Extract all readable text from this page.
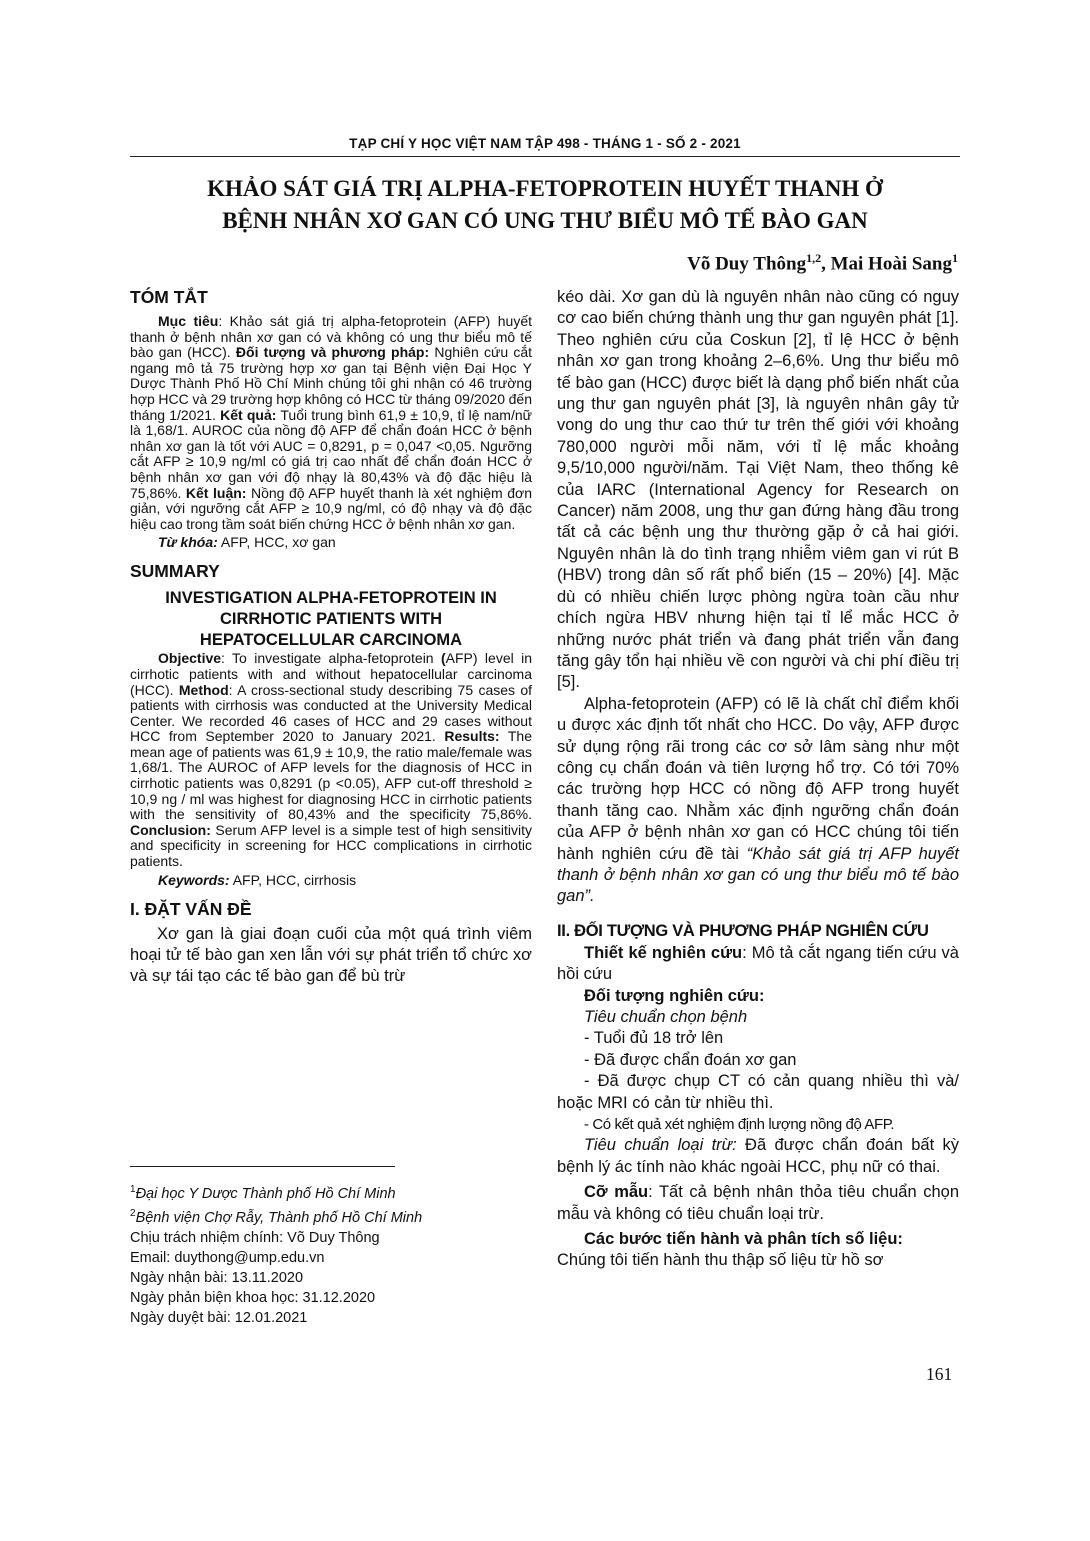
TẠP CHÍ Y HỌC VIỆT NAM TẬP 498 - THÁNG 1 - SỐ 2 - 2021
KHẢO SÁT GIÁ TRỊ ALPHA-FETOPROTEIN HUYẾT THANH Ở
BỆNH NHÂN XƠ GAN CÓ UNG THƯ BIỂU MÔ TẾ BÀO GAN
Võ Duy Thông$^{1,2}$, Mai Hoài Sang$^1$
TÓM TẮT

Mục tiêu: Khảo sát giá trị alpha-fetoprotein (AFP) huyết thanh ở bệnh nhân xơ gan có và không có ung thư biểu mô tế bào gan (HCC). Đối tượng và phương pháp: Nghiên cứu cắt ngang mô tả 75 trường hợp xơ gan tại Bệnh viện Đại Học Y Dược Thành Phố Hồ Chí Minh chúng tôi ghi nhận có 46 trường hợp HCC và 29 trường hợp không có HCC từ tháng 09/2020 đến tháng 1/2021. Kết quả: Tuổi trung bình 61,9 ± 10,9, tỉ lệ nam/nữ là 1,68/1. AUROC của nồng độ AFP để chẩn đoán HCC ở bệnh nhân xơ gan là tốt với AUC = 0,8291, p = 0,047 <0,05. Ngưỡng cắt AFP ≥ 10,9 ng/ml có giá trị cao nhất để chẩn đoán HCC ở bệnh nhân xơ gan với độ nhạy là 80,43% và độ đặc hiệu là 75,86%. Kết luận: Nồng độ AFP huyết thanh là xét nghiệm đơn giản, với ngưỡng cắt AFP ≥ 10,9 ng/ml, có độ nhạy và độ đặc hiệu cao trong tầm soát biến chứng HCC ở bệnh nhân xơ gan.

Từ khóa: AFP, HCC, xơ gan

SUMMARY
INVESTIGATION ALPHA-FETOPROTEIN IN
CIRRHOTIC PATIENTS WITH
HEPATOCELLULAR CARCINOMA

Objective: To investigate alpha-fetoprotein (AFP) level in cirrhotic patients with and without hepatocellular carcinoma (HCC). Method: A cross-sectional study describing 75 cases of patients with cirrhosis was conducted at the University Medical Center. We recorded 46 cases of HCC and 29 cases without HCC from September 2020 to January 2021. Results: The mean age of patients was 61,9 ± 10,9, the ratio male/female was 1,68/1. The AUROC of AFP levels for the diagnosis of HCC in cirrhotic patients was 0,8291 (p <0.05), AFP cut-off threshold ≥ 10,9 ng / ml was highest for diagnosing HCC in cirrhotic patients with the sensitivity of 80,43% and the specificity 75,86%. Conclusion: Serum AFP level is a simple test of high sensitivity and specificity in screening for HCC complications in cirrhotic patients.

Keywords: AFP, HCC, cirrhosis

I. ĐẶT VẤN ĐỀ

Xơ gan là giai đoạn cuối của một quá trình viêm hoại tử tế bào gan xen lẫn với sự phát triển tổ chức xơ và sự tái tạo các tế bào gan để bù trừ

$^1$Đại học Y Dược Thành phố Hồ Chí Minh
$^2$Bệnh viện Chợ Rẫy, Thành phố Hồ Chí Minh
Chịu trách nhiệm chính: Võ Duy Thông
Email: duythong@ump.edu.vn
Ngày nhận bài: 13.11.2020
Ngày phản biện khoa học: 31.12.2020
Ngày duyệt bài: 12.01.2021

kéo dài. Xơ gan dù là nguyên nhân nào cũng có nguy cơ cao biến chứng thành ung thư gan nguyên phát [1]. Theo nghiên cứu của Coskun [2], tỉ lệ HCC ở bệnh nhân xơ gan trong khoảng 2–6,6%. Ung thư biểu mô tế bào gan (HCC) được biết là dạng phổ biến nhất của ung thư gan nguyên phát [3], là nguyên nhân gây tử vong do ung thư cao thứ tư trên thế giới với khoảng 780,000 người mỗi năm, với tỉ lệ mắc khoảng 9,5/10,000 người/năm. Tại Việt Nam, theo thống kê của IARC (International Agency for Research on Cancer) năm 2008, ung thư gan đứng hàng đầu trong tất cả các bệnh ung thư thường gặp ở cả hai giới. Nguyên nhân là do tình trạng nhiễm viêm gan vi rút B (HBV) trong dân số rất phổ biến (15 – 20%) [4]. Mặc dù có nhiều chiến lược phòng ngừa toàn cầu như chích ngừa HBV nhưng hiện tại tỉ lể mắc HCC ở những nước phát triển và đang phát triển vẫn đang tăng gây tổn hại nhiều về con người và chi phí điều trị [5].

Alpha-fetoprotein (AFP) có lẽ là chất chỉ điểm khối u được xác định tốt nhất cho HCC. Do vậy, AFP được sử dụng rộng rãi trong các cơ sở lâm sàng như một công cụ chẩn đoán và tiên lượng hổ trợ. Có tới 70% các trường hợp HCC có nồng độ AFP trong huyết thanh tăng cao. Nhằm xác định ngưỡng chẩn đoán của AFP ở bệnh nhân xơ gan có HCC chúng tôi tiến hành nghiên cứu đề tài “Khảo sát giá trị AFP huyết thanh ở bệnh nhân xơ gan có ung thư biểu mô tế bào gan”.

II. ĐỐI TƯỢNG VÀ PHƯƠNG PHÁP NGHIÊN CỨU

Thiết kế nghiên cứu: Mô tả cắt ngang tiến cứu và hồi cứu

Đối tượng nghiên cứu:

Tiêu chuẩn chọn bệnh

- Tuổi đủ 18 trở lên

- Đã được chẩn đoán xơ gan

- Đã được chụp CT có cản quang nhiều thì và/ hoặc MRI có cản từ nhiều thì.

- Có kết quả xét nghiệm định lượng nồng độ AFP.

Tiêu chuẩn loại trừ: Đã được chẩn đoán bất kỳ bệnh lý ác tính nào khác ngoài HCC, phụ nữ có thai.

Cỡ mẫu: Tất cả bệnh nhân thỏa tiêu chuẩn chọn mẫu và không có tiêu chuẩn loại trừ.

Các bước tiến hành và phân tích số liệu:

Chúng tôi tiến hành thu thập số liệu từ hồ sơ

161
